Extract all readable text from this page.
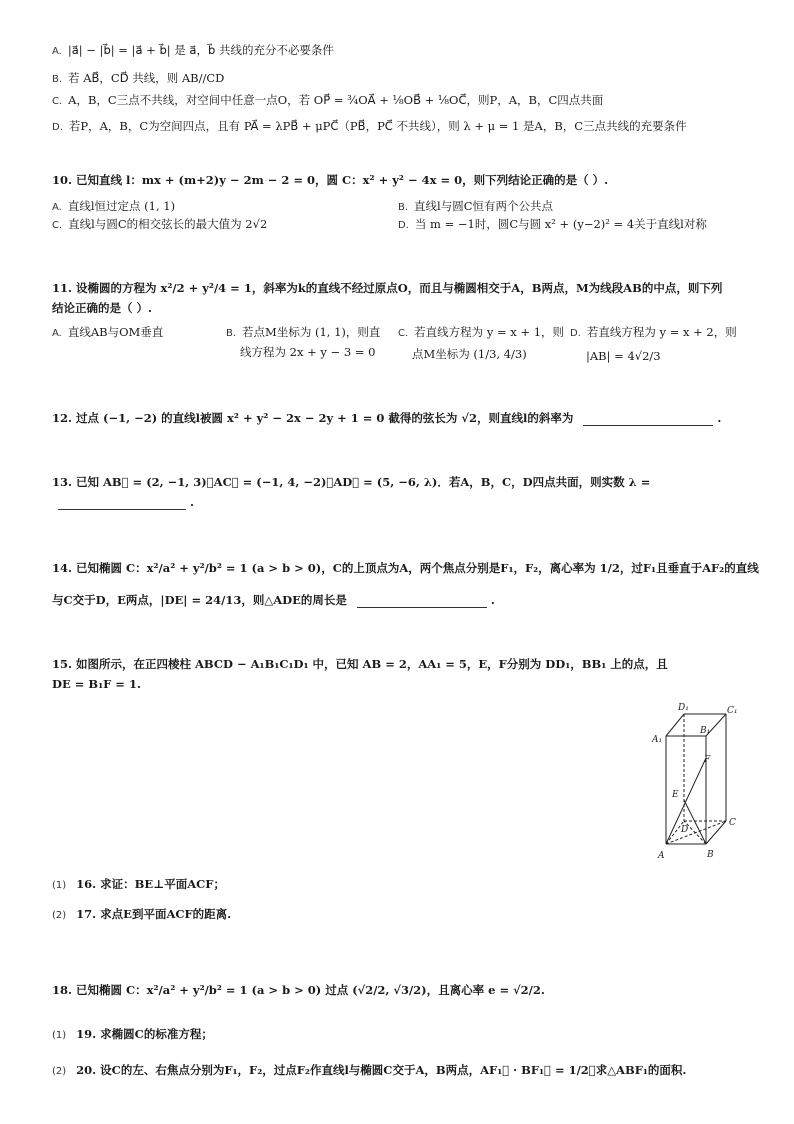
A. |a⃗| − |b⃗| = |a⃗ + b⃗| 是 a⃗，b⃗ 共线的充分不必要条件
B. 若 AB⃗，CD⃗ 共线，则 AB//CD
C. A，B，C三点不共线，对空间中任意一点O，若 OP⃗ = ³⁄₄OA⃗ + ¹⁄₈OB⃗ + ¹⁄₈OC⃗，则P，A，B，C四点共面
D. 若P，A，B，C为空间四点，且有 PA⃗ = λPB⃗ + μPC⃗（PB⃗，PC⃗ 不共线），则 λ + μ = 1 是A，B，C三点共线的充要条件
10. 已知直线 l：mx + (m+2)y − 2m − 2 = 0，圆 C：x² + y² − 4x = 0，则下列结论正确的是（ ）.
A. 直线l恒过定点 (1, 1)	B. 直线l与圆C恒有两个公共点
C. 直线l与圆C的相交弦长的最大值为 2√2	D. 当 m = −1时，圆C与圆 x² + (y−2)² = 4关于直线l对称
11. 设椭圆的方程为 x²/2 + y²/4 = 1，斜率为k的直线不经过原点O，而且与椭圆相交于A，B两点，M为线段AB的中点，则下列
结论正确的是（ ）.
A. 直线AB与OM垂直	B. 若点M坐标为 (1, 1)，则直
线方程为 2x + y − 3 = 0
C. 若直线方程为 y = x + 1，则
点M坐标为 (1/3, 4/3)
D. 若直线方程为 y = x + 2，则
|AB| = 4√2/3
12. 过点 (−1, −2) 的直线l被圆 x² + y² − 2x − 2y + 1 = 0 截得的弦长为 √2，则直线l的斜率为	.
13. 已知 AB⃗ = (2, −1, 3)，AC⃗ = (−1, 4, −2)，AD⃗ = (5, −6, λ)．若A，B，C，D四点共面，则实数 λ =
.
14. 已知椭圆 C：x²/a² + y²/b² = 1 (a > b > 0)，C的上顶点为A，两个焦点分别是F₁，F₂，离心率为 1/2，过F₁且垂直于AF₂的直线
与C交于D，E两点，|DE| = 24/13，则△ADE的周长是	.
15. 如图所示，在正四棱柱 ABCD − A₁B₁C₁D₁ 中，已知 AB = 2，AA₁ = 5，E，F分别为 DD₁，BB₁ 上的点，且
DE = B₁F = 1.
A	B
C
D
A₁
B₁
C₁
D₁
E
F
(1) 16. 求证：BE⊥平面ACF；
(2) 17. 求点E到平面ACF的距离.
18. 已知椭圆 C：x²/a² + y²/b² = 1 (a > b > 0) 过点 (√2/2, √3/2)，且离心率 e = √2/2.
(1) 19. 求椭圆C的标准方程；
(2) 20. 设C的左、右焦点分别为F₁，F₂，过点F₂作直线l与椭圆C交于A，B两点，AF₁⃗ · BF₁⃗ = 1/2，求△ABF₁的面积.
